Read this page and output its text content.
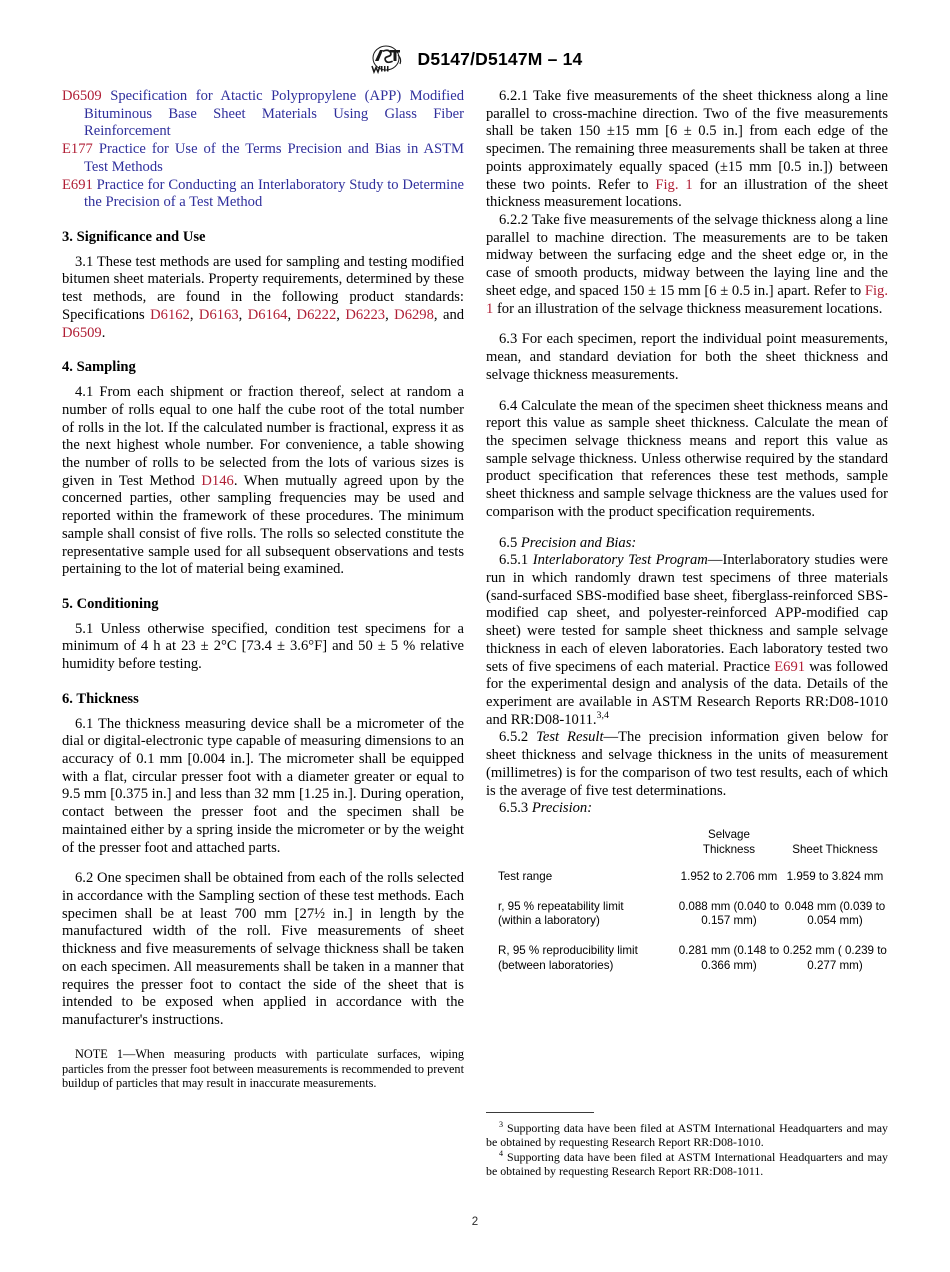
D5147/D5147M – 14
D6509 Specification for Atactic Polypropylene (APP) Modified Bituminous Base Sheet Materials Using Glass Fiber Reinforcement
E177 Practice for Use of the Terms Precision and Bias in ASTM Test Methods
E691 Practice for Conducting an Interlaboratory Study to Determine the Precision of a Test Method
3. Significance and Use

3.1 These test methods are used for sampling and testing modified bitumen sheet materials. Property requirements, determined by these test methods, are found in the following product standards: Specifications D6162, D6163, D6164, D6222, D6223, D6298, and D6509.

4. Sampling

4.1 From each shipment or fraction thereof, select at random a number of rolls equal to one half the cube root of the total number of rolls in the lot. If the calculated number is fractional, express it as the next highest whole number. For convenience, a table showing the number of rolls to be selected from the lots of various sizes is given in Test Method D146. When mutually agreed upon by the concerned parties, other sampling frequencies may be used and reported within the framework of these procedures. The minimum sample shall consist of five rolls. The rolls so selected constitute the representative sample used for all subsequent observations and tests pertaining to the lot of material being examined.

5. Conditioning

5.1 Unless otherwise specified, condition test specimens for a minimum of 4 h at 23 ± 2°C [73.4 ± 3.6°F] and 50 ± 5 % relative humidity before testing.

6. Thickness

6.1 The thickness measuring device shall be a micrometer of the dial or digital-electronic type capable of measuring dimensions to an accuracy of 0.1 mm [0.004 in.]. The micrometer shall be equipped with a flat, circular presser foot with a diameter greater or equal to 9.5 mm [0.375 in.] and less than 32 mm [1.25 in.]. During operation, contact between the presser foot and the specimen shall be maintained either by a spring inside the micrometer or by the weight of the presser foot and attached parts.

6.2 One specimen shall be obtained from each of the rolls selected in accordance with the Sampling section of these test methods. Each specimen shall be at least 700 mm [27½ in.] in length by the manufactured width of the roll. Five measurements of sheet thickness and five measurements of selvage thickness shall be taken on each specimen. All measurements shall be taken in a manner that requires the presser foot to contact the side of the sheet that is intended to be exposed when applied in accordance with the manufacturer's instructions.

NOTE 1—When measuring products with particulate surfaces, wiping particles from the presser foot between measurements is recommended to prevent buildup of particles that may result in inaccurate measurements.

6.2.1 Take five measurements of the sheet thickness along a line parallel to cross-machine direction. Two of the five measurements shall be taken 150 ±15 mm [6 ± 0.5 in.] from each edge of the specimen. The remaining three measurements shall be taken at three points approximately equally spaced (±15 mm [0.5 in.]) between these two points. Refer to Fig. 1 for an illustration of the sheet thickness measurement locations.

6.2.2 Take five measurements of the selvage thickness along a line parallel to machine direction. The measurements are to be taken midway between the surfacing edge and the sheet edge or, in the case of smooth products, midway between the laying line and the sheet edge, and spaced 150 ± 15 mm [6 ± 0.5 in.] apart. Refer to Fig. 1 for an illustration of the selvage thickness measurement locations.

6.3 For each specimen, report the individual point measurements, mean, and standard deviation for both the sheet thickness and selvage thickness measurements.

6.4 Calculate the mean of the specimen sheet thickness means and report this value as sample sheet thickness. Calculate the mean of the specimen selvage thickness means and report this value as sample selvage thickness. Unless otherwise required by the standard product specification that references these test methods, sample sheet thickness and sample selvage thickness are the values used for comparison with the product specification requirements.

6.5 Precision and Bias:

6.5.1 Interlaboratory Test Program—Interlaboratory studies were run in which randomly drawn test specimens of three materials (sand-surfaced SBS-modified base sheet, fiberglass-reinforced SBS-modified cap sheet, and polyester-reinforced APP-modified cap sheet) were tested for sample sheet thickness and sample selvage thickness in each of eleven laboratories. Each laboratory tested two sets of five specimens of each material. Practice E691 was followed for the experimental design and analysis of the data. Details of the experiment are available in ASTM Research Reports RR:D08-1010 and RR:D08-1011.$^{3,4}$

6.5.2 Test Result—The precision information given below for sheet thickness and selvage thickness in the units of measurement (millimetres) is for the comparison of two test results, each of which is the average of five test determinations.

6.5.3 Precision:

	Selvage
Thickness	Sheet Thickness
Test range	1.952 to 2.706 mm	1.959 to 3.824 mm
r, 95 % repeatability limit
(within a laboratory)	0.088 mm (0.040 to 0.157 mm)	0.048 mm (0.039 to 0.054 mm)
R, 95 % reproducibility limit
(between laboratories)	0.281 mm (0.148 to 0.366 mm)	0.252 mm ( 0.239 to 0.277 mm)

$^3$ Supporting data have been filed at ASTM International Headquarters and may be obtained by requesting Research Report RR:D08-1010.

$^4$ Supporting data have been filed at ASTM International Headquarters and may be obtained by requesting Research Report RR:D08-1011.

2
